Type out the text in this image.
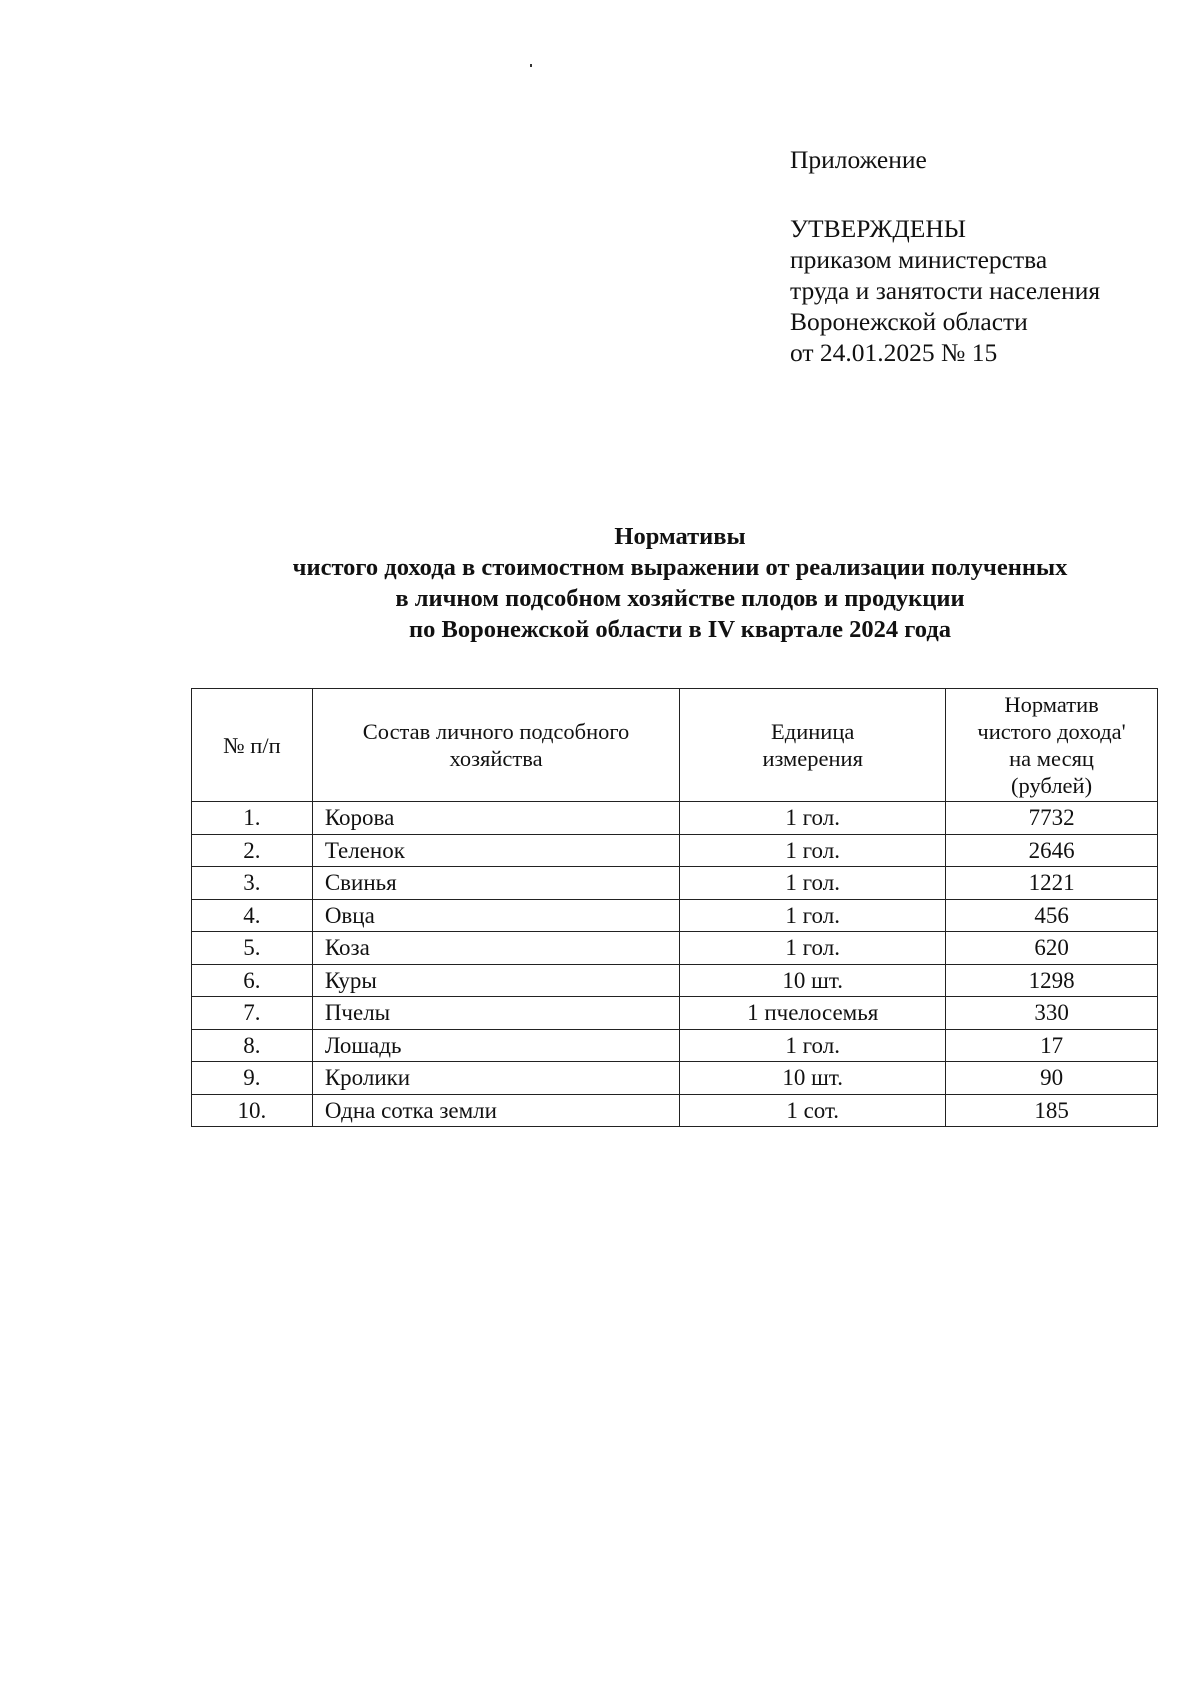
Приложение
УТВЕРЖДЕНЫ
приказом министерства
труда и занятости населения
Воронежской области
от 24.01.2025 № 15
Нормативы
чистого дохода в стоимостном выражении от реализации полученных
в личном подсобном хозяйстве плодов и продукции
по Воронежской области в IV квартале 2024 года
№ п/п	Состав личного подсобного хозяйства	Единица измерения	Норматив чистого дохода' на месяц (рублей)

1.	Корова	1 гол.	7732
2.	Теленок	1 гол.	2646
3.	Свинья	1 гол.	1221
4.	Овца	1 гол.	456
5.	Коза	1 гол.	620
6.	Куры	10 шт.	1298
7.	Пчелы	1 пчелосемья	330
8.	Лошадь	1 гол.	17
9.	Кролики	10 шт.	90
10.	Одна сотка земли	1 сот.	185
